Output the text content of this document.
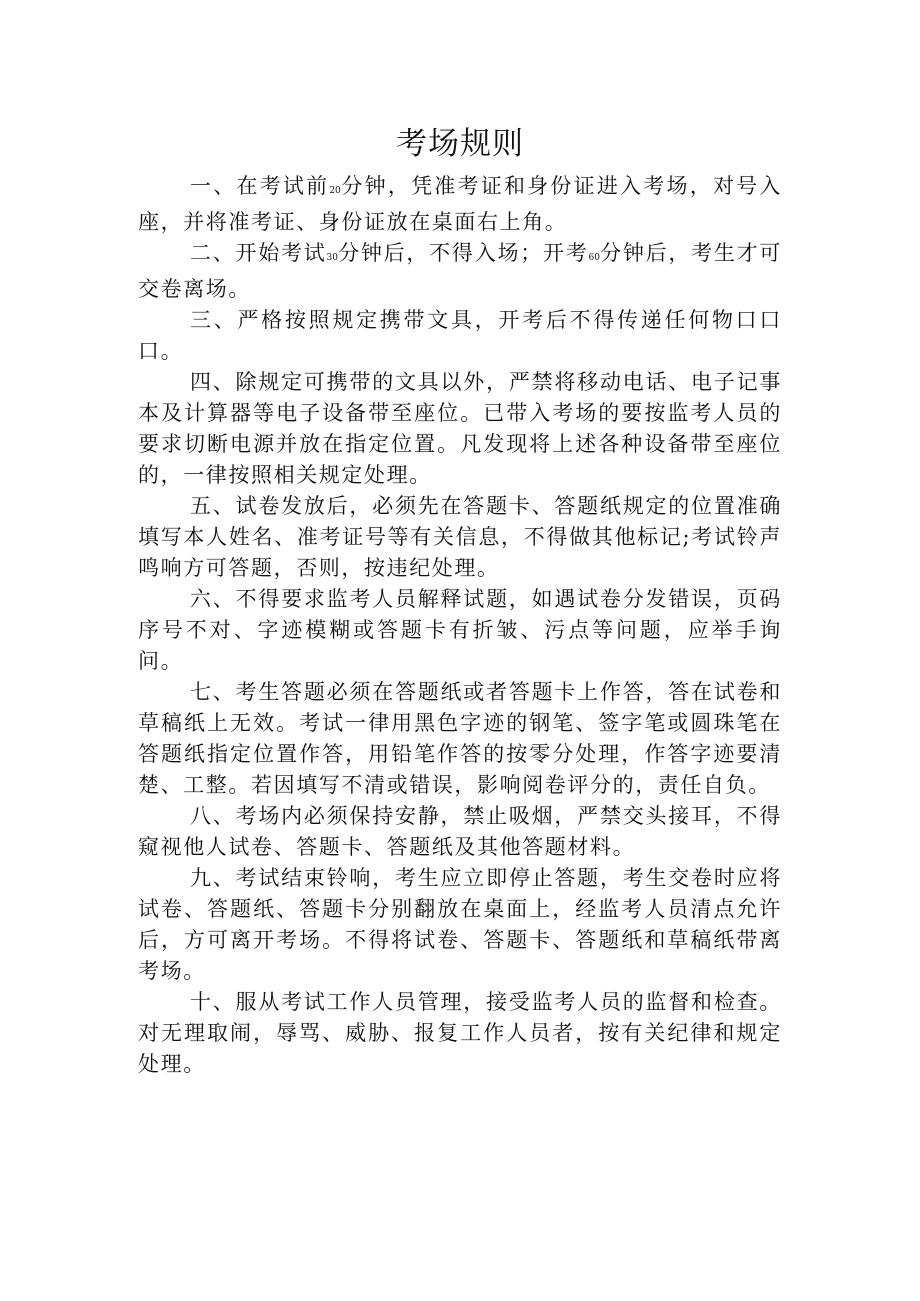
考场规则

一、在考试前20分钟，凭准考证和身份证进入考场，对号入座，并将准考证、身份证放在桌面右上角。

二、开始考试30分钟后，不得入场；开考60分钟后，考生才可交卷离场。

三、严格按照规定携带文具，开考后不得传递任何物口口口。

四、除规定可携带的文具以外，严禁将移动电话、电子记事本及计算器等电子设备带至座位。已带入考场的要按监考人员的要求切断电源并放在指定位置。凡发现将上述各种设备带至座位的，一律按照相关规定处理。

五、试卷发放后，必须先在答题卡、答题纸规定的位置准确填写本人姓名、准考证号等有关信息，不得做其他标记;考试铃声鸣响方可答题，否则，按违纪处理。

六、不得要求监考人员解释试题，如遇试卷分发错误，页码序号不对、字迹模糊或答题卡有折皱、污点等问题，应举手询问。

七、考生答题必须在答题纸或者答题卡上作答，答在试卷和草稿纸上无效。考试一律用黑色字迹的钢笔、签字笔或圆珠笔在答题纸指定位置作答，用铅笔作答的按零分处理，作答字迹要清楚、工整。若因填写不清或错误，影响阅卷评分的，责任自负。

八、考场内必须保持安静，禁止吸烟，严禁交头接耳，不得窥视他人试卷、答题卡、答题纸及其他答题材料。

九、考试结束铃响，考生应立即停止答题，考生交卷时应将试卷、答题纸、答题卡分别翻放在桌面上，经监考人员清点允许后，方可离开考场。不得将试卷、答题卡、答题纸和草稿纸带离考场。

十、服从考试工作人员管理，接受监考人员的监督和检查。对无理取闹，辱骂、威胁、报复工作人员者，按有关纪律和规定处理。
